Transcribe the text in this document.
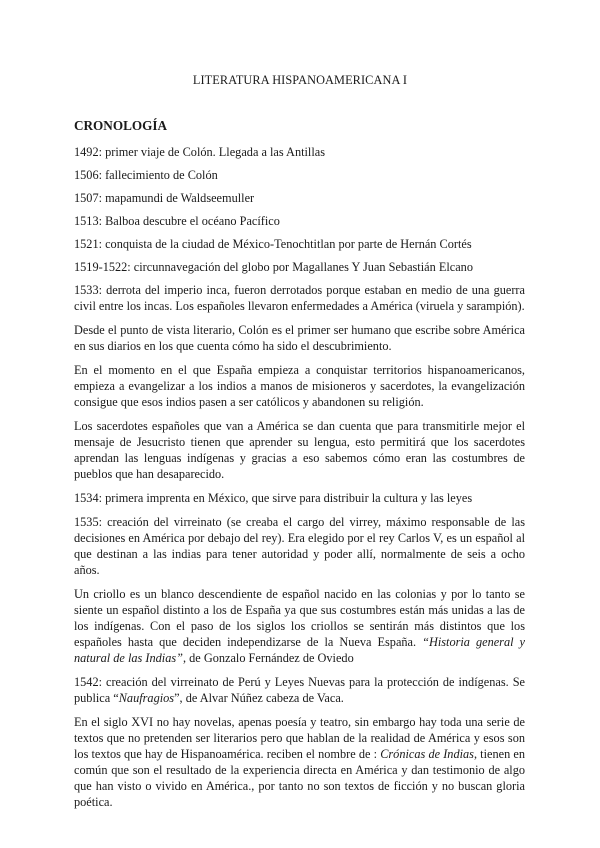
LITERATURA HISPANOAMERICANA I
CRONOLOGÍA
1492: primer viaje de Colón. Llegada a las Antillas
1506: fallecimiento de Colón
1507: mapamundi de Waldseemuller
1513: Balboa descubre el océano Pacífico
1521: conquista de la ciudad de México-Tenochtitlan por parte de Hernán Cortés
1519-1522: circunnavegación del globo por Magallanes Y Juan Sebastián Elcano

1533: derrota del imperio inca, fueron derrotados porque estaban en medio de una guerra civil entre los incas. Los españoles llevaron enfermedades a América (viruela y sarampión).

Desde el punto de vista literario, Colón es el primer ser humano que escribe sobre América en sus diarios en los que cuenta cómo ha sido el descubrimiento.

En el momento en el que España empieza a conquistar territorios hispanoamericanos, empieza a evangelizar a los indios a manos de misioneros y sacerdotes, la evangelización consigue que esos indios pasen a ser católicos y abandonen su religión.

Los sacerdotes españoles que van a América se dan cuenta que para transmitirle mejor el mensaje de Jesucristo tienen que aprender su lengua, esto permitirá que los sacerdotes aprendan las lenguas indígenas y gracias a eso sabemos cómo eran las costumbres de pueblos que han desaparecido.

1534: primera imprenta en México, que sirve para distribuir la cultura y las leyes

1535: creación del virreinato (se creaba el cargo del virrey, máximo responsable de las decisiones en América por debajo del rey). Era elegido por el rey Carlos V, es un español al que destinan a las indias para tener autoridad y poder allí, normalmente de seis a ocho años.

Un criollo es un blanco descendiente de español nacido en las colonias y por lo tanto se siente un español distinto a los de España ya que sus costumbres están más unidas a las de los indígenas. Con el paso de los siglos los criollos se sentirán más distintos que los españoles hasta que deciden independizarse de la Nueva España. “Historia general y natural de las Indias”, de Gonzalo Fernández de Oviedo

1542: creación del virreinato de Perú y Leyes Nuevas para la protección de indígenas. Se publica “Naufragios”, de Alvar Núñez cabeza de Vaca.

En el siglo XVI no hay novelas, apenas poesía y teatro, sin embargo hay toda una serie de textos que no pretenden ser literarios pero que hablan de la realidad de América y esos son los textos que hay de Hispanoamérica. reciben el nombre de : Crónicas de Indias, tienen en común que son el resultado de la experiencia directa en América y dan testimonio de algo que han visto o vivido en América., por tanto no son textos de ficción y no buscan gloria poética.
